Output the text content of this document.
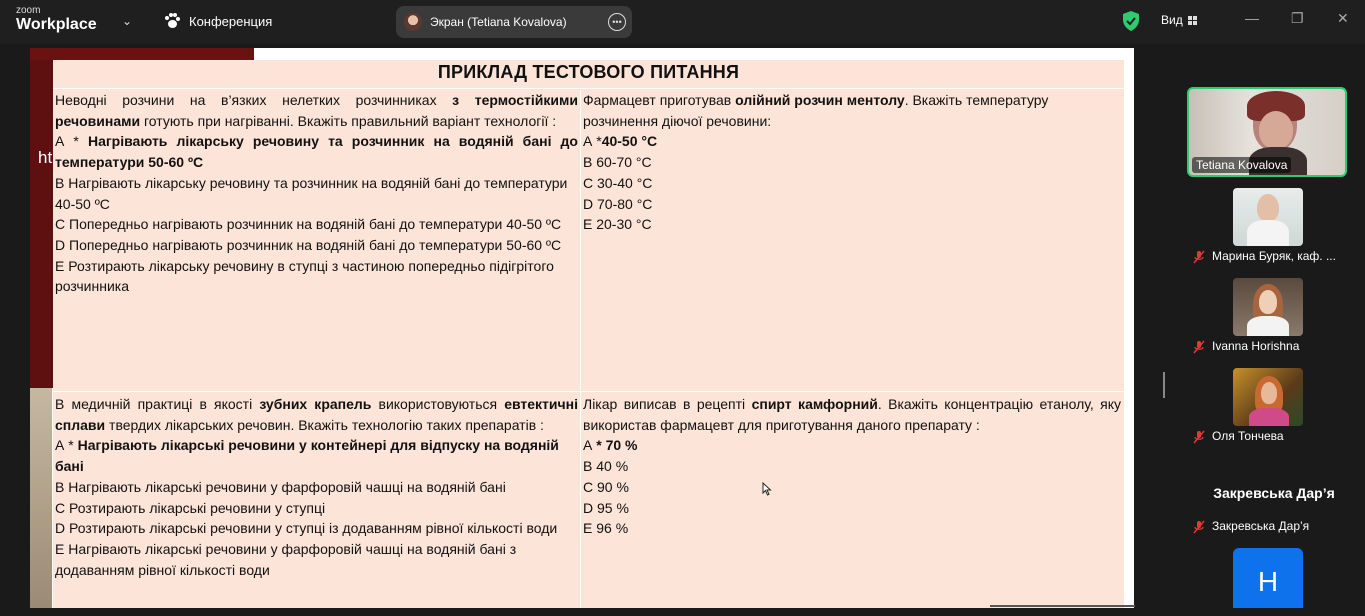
zoom
Workplace ⌄	Конференция	Экран (Tetiana Kovalova)	•••	Вид	— ❐ ✕
ht
ПРИКЛАД ТЕСТОВОГО ПИТАННЯ

Неводні розчини на в’язких нелетких розчинниках з термостійкими речовинами готують при нагріванні. Вкажіть правильний варіант технології :

А * Нагрівають лікарську речовину та розчинник на водяній бані до температури 50-60 ºС

В Нагрівають лікарську речовину та розчинник на водяній бані до температури 40-50 ºС

С Попередньо нагрівають розчинник на водяній бані до температури 40-50 ºС

D Попередньо нагрівають розчинник на водяній бані до температури 50-60 ºС

Е Розтирають лікарську речовину в ступці з частиною попередньо підігрітого розчинника

Фармацевт приготував олійний розчин ментолу. Вкажіть температуру розчинення діючої речовини:

А *40-50 °С

В 60-70 °С

С 30-40 °С

D 70-80 °С

Е 20-30 °С

В медичній практиці в якості зубних крапель використовуються евтектичні сплави твердих лікарських речовин. Вкажіть технологію таких препаратів :

А * Нагрівають лікарські речовини у контейнері для відпуску на водяній бані

В Нагрівають лікарські речовини у фарфоровій чашці на водяній бані

С Розтирають лікарські речовини у ступці

D Розтирають лікарські речовини у ступці із додаванням рівної кількості води

Е Нагрівають лікарські речовини у фарфоровій чашці на водяній бані з додаванням рівної кількості води

Лікар виписав в рецепті спирт камфорний. Вкажіть концентрацію етанолу, яку використав фармацевт для приготування даного препарату :

А * 70 %

В 40 %

С 90 %

D 95 %

Е 96 %

Tetiana Kovalova
Марина Буряк, каф. ...
Ivanna Horishna
Оля Тончева
Закревська Дар’я
Закревська Дар’я
H
